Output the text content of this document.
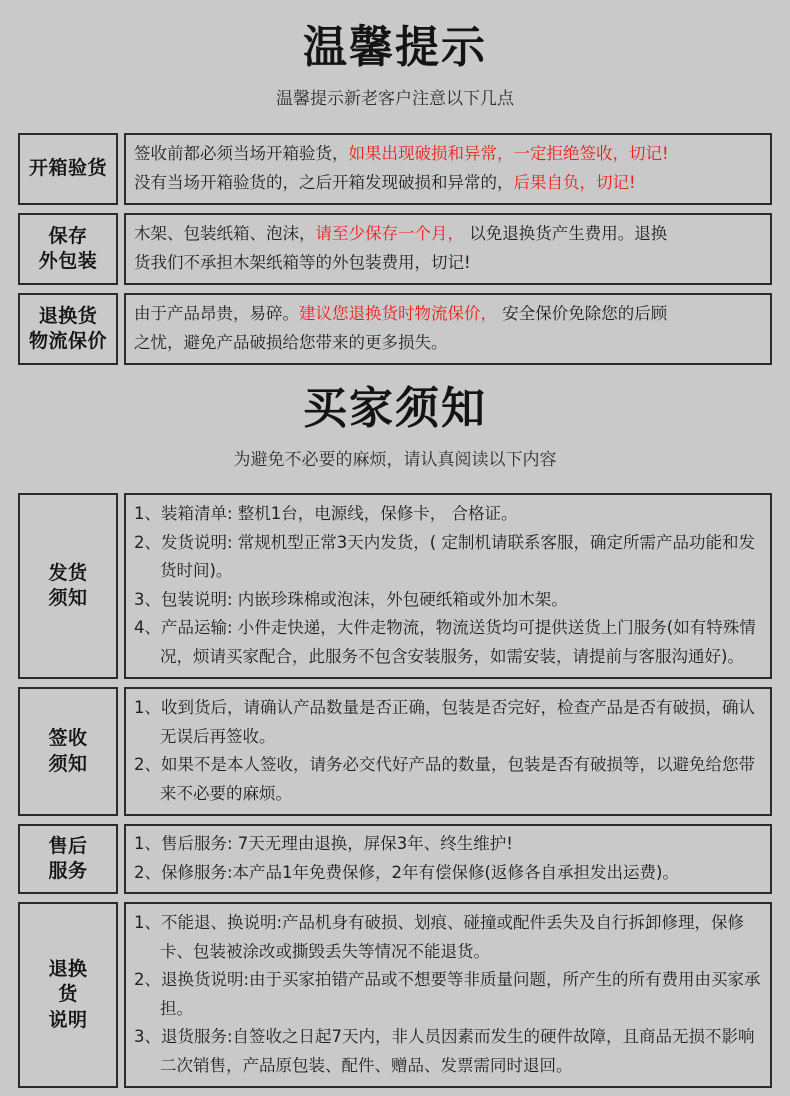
温馨提示
温馨提示新老客户注意以下几点
开箱验货
签收前都必须当场开箱验货，如果出现破损和异常，一定拒绝签收，切记!
没有当场开箱验货的，之后开箱发现破损和异常的，后果自负，切记!
保存
外包装
木架、包装纸箱、泡沫，请至少保存一个月， 以免退换货产生费用。退换
货我们不承担木架纸箱等的外包装费用，切记!
退换货
物流保价
由于产品昂贵，易碎。建议您退换货时物流保价， 安全保价免除您的后顾
之忧，避免产品破损给您带来的更多损失。
买家须知
为避免不必要的麻烦，请认真阅读以下内容
发货
须知
1、装箱清单: 整机1台，电源线，保修卡， 合格证。
2、发货说明: 常规机型正常3天内发货，( 定制机请联系客服，确定所需产品功能和发货时间)。
3、包装说明: 内嵌珍珠棉或泡沫，外包硬纸箱或外加木架。
4、产品运输: 小件走快递，大件走物流，物流送货均可提供送货上门服务(如有特殊情况，烦请买家配合，此服务不包含安装服务，如需安装，请提前与客服沟通好)。
签收
须知
1、收到货后，请确认产品数量是否正确，包装是否完好，检查产品是否有破损，确认无误后再签收。
2、如果不是本人签收，请务必交代好产品的数量，包装是否有破损等，以避免给您带来不必要的麻烦。
售后
服务
1、售后服务: 7天无理由退换，屏保3年、终生维护!
2、保修服务:本产品1年免费保修，2年有偿保修(返修各自承担发出运费)。
退换
货
说明
1、不能退、换说明:产品机身有破损、划痕、碰撞或配件丢失及自行拆卸修理，保修卡、包装被涂改或撕毁丢失等情况不能退货。
2、退换货说明:由于买家拍错产品或不想要等非质量问题，所产生的所有费用由买家承担。
3、退货服务:自签收之日起7天内，非人员因素而发生的硬件故障，且商品无损不影响二次销售，产品原包装、配件、赠品、发票需同时退回。
